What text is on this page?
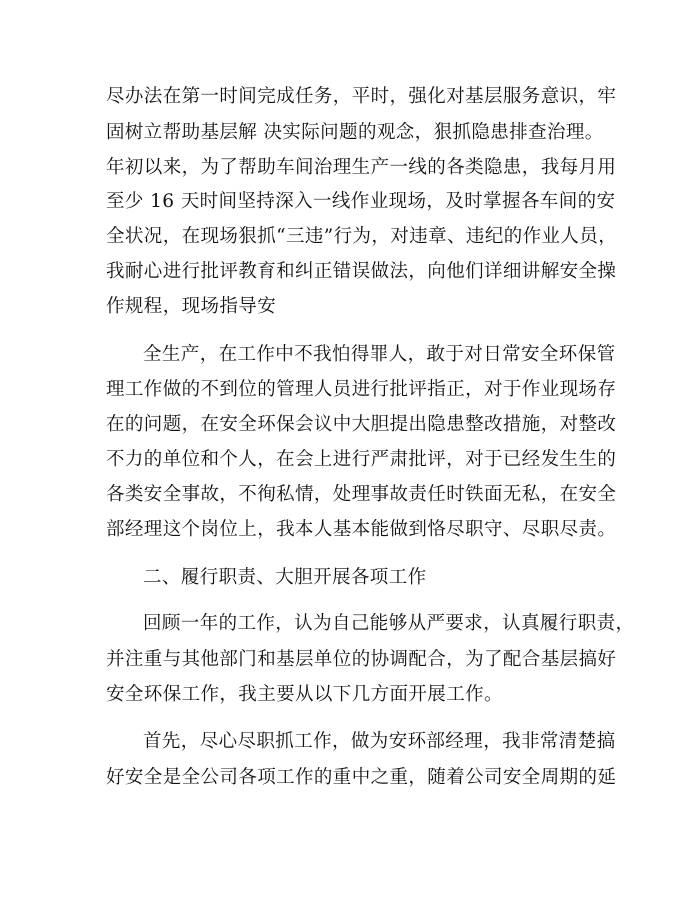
尽办法在第一时间完成任务，平时，强化对基层服务意识，牢
固树立帮助基层解 决实际问题的观念，狠抓隐患排查治理。
年初以来，为了帮助车间治理生产一线的各类隐患，我每月用
至少 16 天时间坚持深入一线作业现场，及时掌握各车间的安
全状况，在现场狠抓“三违”行为，对违章、违纪的作业人员，
我耐心进行批评教育和纠正错误做法，向他们详细讲解安全操
作规程，现场指导安
全生产，在工作中不我怕得罪人，敢于对日常安全环保管
理工作做的不到位的管理人员进行批评指正，对于作业现场存
在的问题，在安全环保会议中大胆提出隐患整改措施，对整改
不力的单位和个人，在会上进行严肃批评，对于已经发生生的
各类安全事故，不徇私情，处理事故责任时铁面无私，在安全
部经理这个岗位上，我本人基本能做到恪尽职守、尽职尽责。
二、履行职责、大胆开展各项工作
回顾一年的工作，认为自己能够从严要求，认真履行职责，
并注重与其他部门和基层单位的协调配合，为了配合基层搞好
安全环保工作，我主要从以下几方面开展工作。
首先，尽心尽职抓工作，做为安环部经理，我非常清楚搞
好安全是全公司各项工作的重中之重，随着公司安全周期的延
